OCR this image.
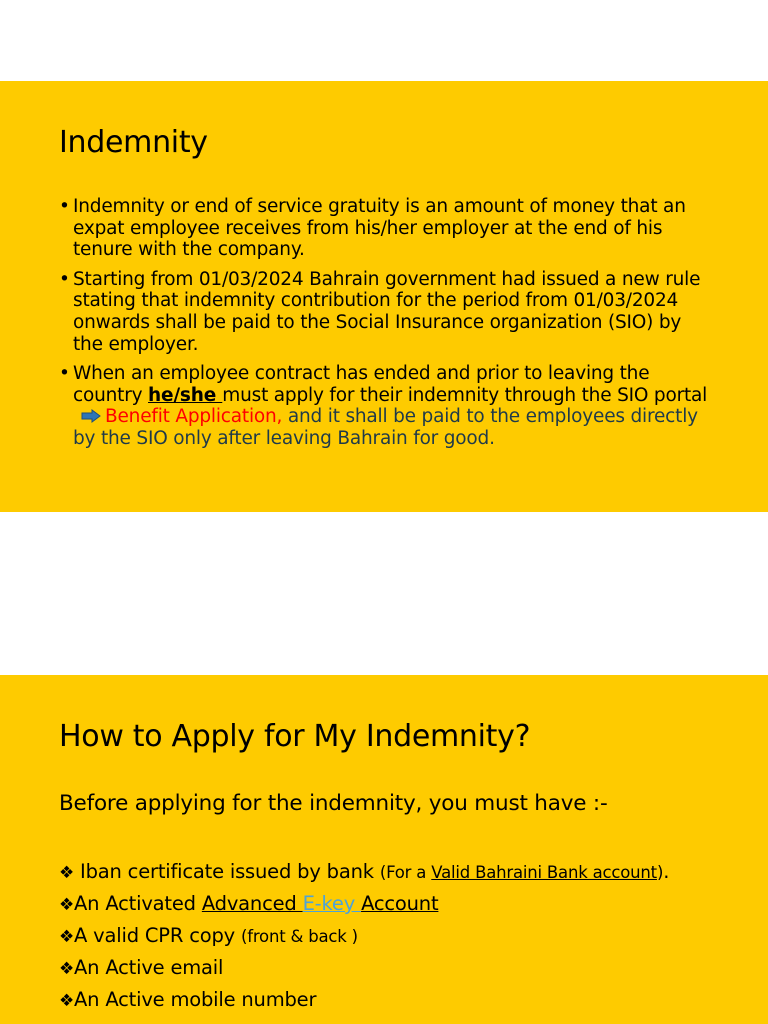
Indemnity
• Indemnity or end of service gratuity is an amount of money that an expat employee receives from his/her employer at the end of his tenure with the company.
• Starting from 01/03/2024 Bahrain government had issued a new rule stating that indemnity contribution for the period from 01/03/2024 onwards shall be paid to the Social Insurance organization (SIO) by the employer.
• When an employee contract has ended and prior to leaving the country he/she must apply for their indemnity through the SIO portal Benefit Application, and it shall be paid to the employees directly by the SIO only after leaving Bahrain for good.
How to Apply for My Indemnity?

Before applying for the indemnity, you must have :-

❖ Iban certificate issued by bank (For a Valid Bahraini Bank account).
❖An Activated Advanced E-key Account
❖A valid CPR copy (front & back )
❖An Active email
❖An Active mobile number
